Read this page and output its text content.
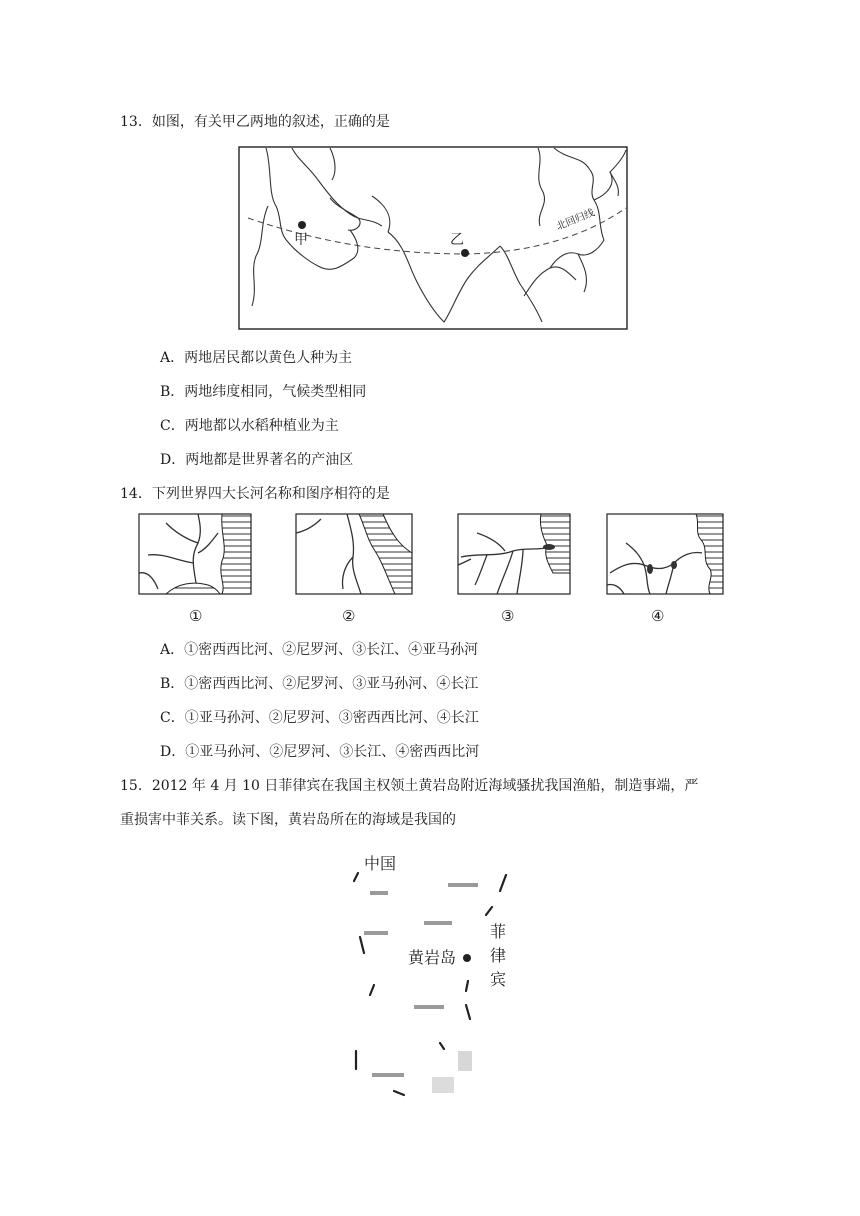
13．如图，有关甲乙两地的叙述，正确的是
甲	乙
北回归线
A．两地居民都以黄色人种为主
B．两地纬度相同，气候类型相同
C．两地都以水稻种植业为主
D．两地都是世界著名的产油区
14．下列世界四大长河名称和图序相符的是
①	②	③	④
A．①密西西比河、②尼罗河、③长江、④亚马孙河
B．①密西西比河、②尼罗河、③亚马孙河、④长江
C．①亚马孙河、②尼罗河、③密西西比河、④长江
D．①亚马孙河、②尼罗河、③长江、④密西西比河
15．2012 年 4 月 10 日菲律宾在我国主权领土黄岩岛附近海域骚扰我国渔船，制造事端，严
重损害中菲关系。读下图，黄岩岛所在的海域是我国的
中国
黄岩岛
菲
律
宾
